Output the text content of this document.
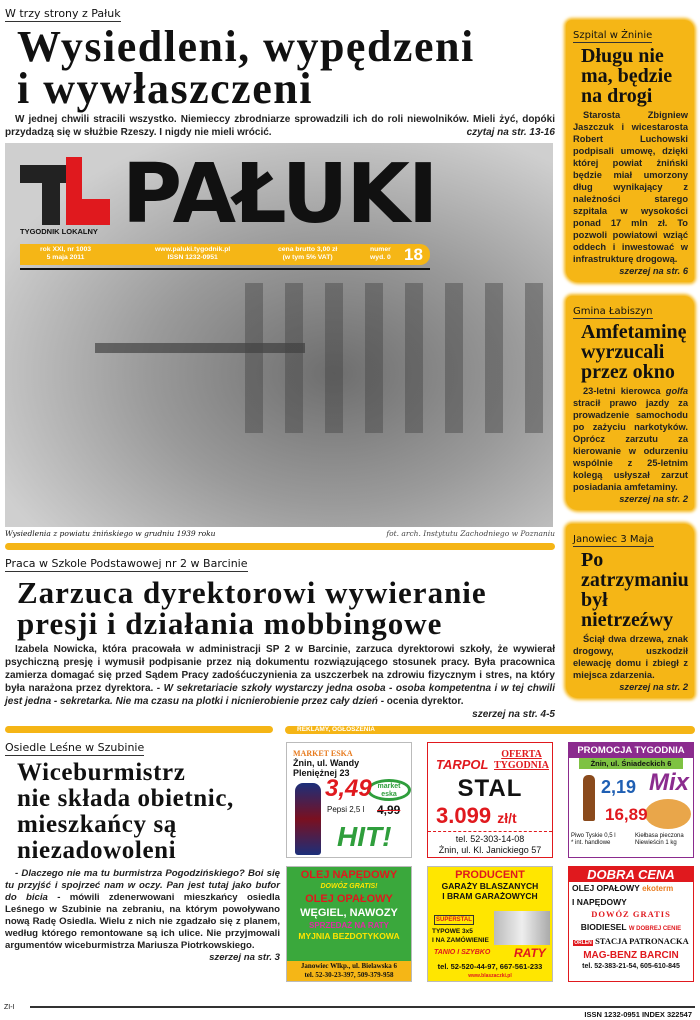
W trzy strony z Pałuk
Wysiedleni, wypędzeni
i wywłaszczeni
W jednej chwili stracili wszystko. Niemieccy zbrodniarze sprowadzili ich do roli niewolników. Mieli żyć, dopóki przydadzą się w służbie Rzeszy. I nigdy nie mieli wrócić.	czytaj na str. 13-16
TYGODNIK LOKALNY PAŁUKI
rok XXI, nr 1003
5 maja 2011
www.paluki.tygodnik.pl
ISSN 1232-0951
cena brutto 3,00 zł
(w tym 5% VAT)
numer
wyd. 0 18
Wysiedlenia z powiatu żnińskiego w grudniu 1939 roku	fot. arch. Instytutu Zachodniego w Poznaniu
Praca w Szkole Podstawowej nr 2 w Barcinie
Zarzuca dyrektorowi wywieranie
presji i działania mobbingowe
Izabela Nowicka, która pracowała w administracji SP 2 w Barcinie, zarzuca dyrektorowi szkoły, że wywierał psychiczną presję i wymusił podpisanie przez nią dokumentu rozwiązującego stosunek pracy. Była pracownica zamierza domagać się przed Sądem Pracy zadośćuczynienia za uszczerbek na zdrowiu fizycznym i stres, na który była narażona przez dyrektora. - W sekretariacie szkoły wystarczy jedna osoba - osoba kompetentna i w tej chwili jest jedna - sekretarka. Nie ma czasu na plotki i nicnierobienie przez cały dzień - ocenia dyrektor.
szerzej na str. 4-5
REKLAMY, OGŁOSZENIA
Osiedle Leśne w Szubinie
Wiceburmistrz
nie składa obietnic,
mieszkańcy są
niezadowoleni
- Dlaczego nie ma tu burmistrza Pogodzińskiego? Boi się tu przyjść i spojrzeć nam w oczy. Pan jest tutaj jako bufor do bicia - mówili zdenerwowani mieszkańcy osiedla Leśnego w Szubinie na zebraniu, na którym powoływano nową Radę Osiedla. Wielu z nich nie zgadzało się z planem, według którego remontowane są ich ulice. Nie przyjmowali argumentów wiceburmistrza Mariusza Piotrkowskiego.
szerzej na str. 3
MARKET ESKA
Żnin, ul. Wandy
Pleniężnej 23
market eska
3,49
Pepsi 2,5 l 4,99
HIT!
TARPOL
OFERTA
TYGODNIA
STAL
3.099 zł/t
tel. 52-303-14-08
Żnin, ul. Kl. Janickiego 57
PROMOCJA TYGODNIA
Żnin, ul. Śniadeckich 6
2,19 Mix
16,89
Piwo Tyskie 0,5 l
* int. handlowe
Kiełbasa pieczona
Niewieścin 1 kg
OLEJ NAPĘDOWY
DOWÓZ GRATIS!
OLEJ OPAŁOWY
WĘGIEL, NAWOZY
SPRZEDAŻ NA RATY
MYJNIA BEZDOTYKOWA
Janowiec Wlkp., ul. Bielawska 6
tel. 52-30-23-397, 509-379-958
PRODUCENT
GARAŻY BLASZANYCH
I BRAM GARAŻOWYCH
SUPERSTAL
TYPOWE 3x5
I NA ZAMÓWIENIE
TANIO I SZYBKO RATY
tel. 52-520-44-97, 667-561-233
www.blaszaczki.pl
DOBRA CENA
OLEJ OPAŁOWY ekoterm
I NAPĘDOWY
DOWÓZ GRATIS
BIODIESEL W DOBREJ CENIE
ORLEN STACJA PATRONACKA
MAG-BENZ BARCIN
tel. 52-383-21-54, 605-610-845
Szpital w Żninie
Długu nie ma, będzie na drogi
Starosta Zbigniew Jaszczuk i wicestarosta Robert Luchowski podpisali umowę, dzięki której powiat żniński będzie miał umorzony dług wynikający z należności starego szpitala w wysokości ponad 17 mln zł. To pozwoli powiatowi wziąć oddech i inwestować w infrastrukturę drogową.
szerzej na str. 6
Gmina Łabiszyn
Amfetaminę wyrzucali przez okno
23-letni kierowca golfa stracił prawo jazdy za prowadzenie samochodu po zażyciu narkotyków. Oprócz zarzutu za kierowanie w odurzeniu wspólnie z 25-letnim kolegą usłyszał zarzut posiadania amfetaminy.
szerzej na str. 2
Janowiec 3 Maja
Po zatrzymaniu był nietrzeźwy
Ściął dwa drzewa, znak drogowy, uszkodził elewację domu i zbiegł z miejsca zdarzenia.
szerzej na str. 2
ZI-I
ISSN 1232-0951 INDEX 322547
